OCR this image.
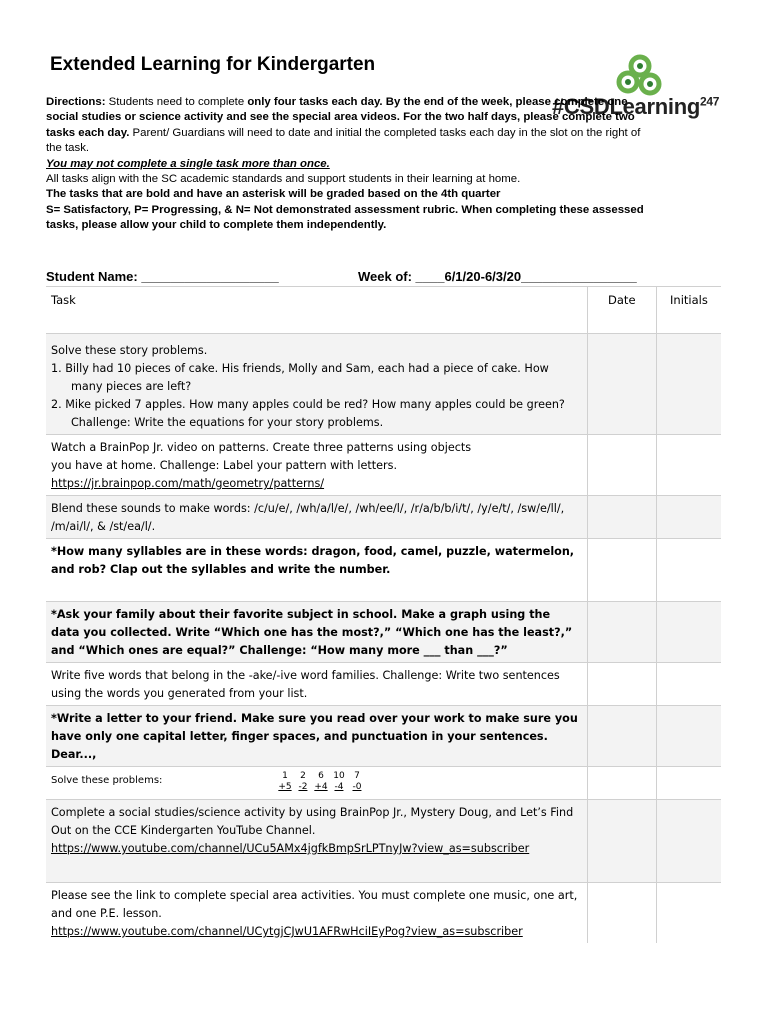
Extended Learning for Kindergarten
#CSDLearning$^{247}$

Directions: Students need to complete only four tasks each day. By the end of the week, please complete one social studies or science activity and see the special area videos. For the two half days, please complete two tasks each day. Parent/ Guardians will need to date and initial the completed tasks each day in the slot on the right of the task.

You may not complete a single task more than once.

All tasks align with the SC academic standards and support students in their learning at home.

The tasks that are bold and have an asterisk will be graded based on the 4th quarter

S= Satisfactory, P= Progressing, & N= Not demonstrated assessment rubric. When completing these assessed tasks, please allow your child to complete them independently.

Student Name: ___________________	Week of: ____6/1/20-6/3/20________________
Task	Date	Initials

Solve these story problems.
1. Billy had 10 pieces of cake. His friends, Molly and Sam, each had a piece of cake. How many pieces are left?
2. Mike picked 7 apples. How many apples could be red? How many apples could be green?
Challenge: Write the equations for your story problems.		

Watch a BrainPop Jr. video on patterns. Create three patterns using objects
you have at home. Challenge: Label your pattern with letters.
https://jr.brainpop.com/math/geometry/patterns/		

Blend these sounds to make words: /c/u/e/, /wh/a/l/e/, /wh/ee/l/, /r/a/b/b/i/t/, /y/e/t/, /sw/e/ll/, /m/ai/l/, & /st/ea/l/.		

*How many syllables are in these words: dragon, food, camel, puzzle, watermelon, and rob? Clap out the syllables and write the number.		

*Ask your family about their favorite subject in school. Make a graph using the data you collected. Write “Which one has the most?,” “Which one has the least?,” and “Which ones are equal?” Challenge: “How many more ___ than ___?”		

Write five words that belong in the -ake/-ive word families. Challenge: Write two sentences using the words you generated from your list.		

*Write a letter to your friend. Make sure you read over your work to make sure you have only one capital letter, finger spaces, and punctuation in your sentences.
Dear...,		

Solve these problems: 1 2 6 10 7
+5 -2 +4 -4 -0		

Complete a social studies/science activity by using BrainPop Jr., Mystery Doug, and Let’s Find Out on the CCE Kindergarten YouTube Channel.
https://www.youtube.com/channel/UCu5AMx4jgfkBmpSrLPTnyJw?view_as=subscriber		

Please see the link to complete special area activities. You must complete one music, one art, and one P.E. lesson.
https://www.youtube.com/channel/UCytgjCJwU1AFRwHciIEyPog?view_as=subscriber		
